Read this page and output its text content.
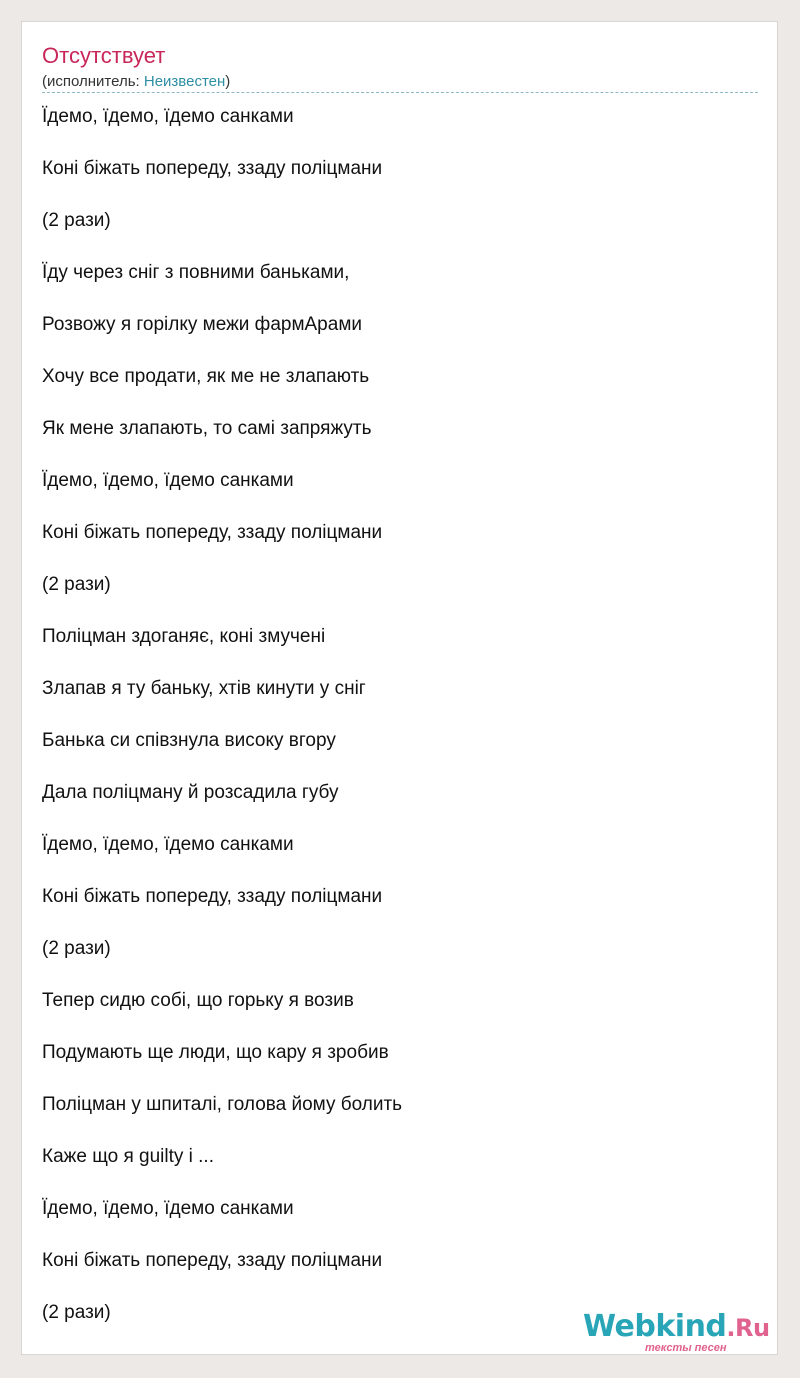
Отсутствует
(исполнитель: Неизвестен)
Їдемо, їдемо, їдемо санками
Коні біжать попереду, ззаду поліцмани
(2 рази)
Їду через сніг з повними баньками,
Розвожу я горілку межи фармАрами
Хочу все продати, як ме не злапають
Як мене злапають, то самі запряжуть
Їдемо, їдемо, їдемо санками
Коні біжать попереду, ззаду поліцмани
(2 рази)
Поліцман здоганяє, коні змучені
Злапав я ту баньку, хтів кинути у сніг
Банька си співзнула високу вгору
Дала поліцману й розсадила губу
Їдемо, їдемо, їдемо санками
Коні біжать попереду, ззаду поліцмани
(2 рази)
Тепер сидю собі, що горьку я возив
Подумають ще люди, що кару я зробив
Поліцман у шпиталі, голова йому болить
Каже що я guilty і ...
Їдемо, їдемо, їдемо санками
Коні біжать попереду, ззаду поліцмани
(2 рази)	Webkind.Ru
тексты песен
